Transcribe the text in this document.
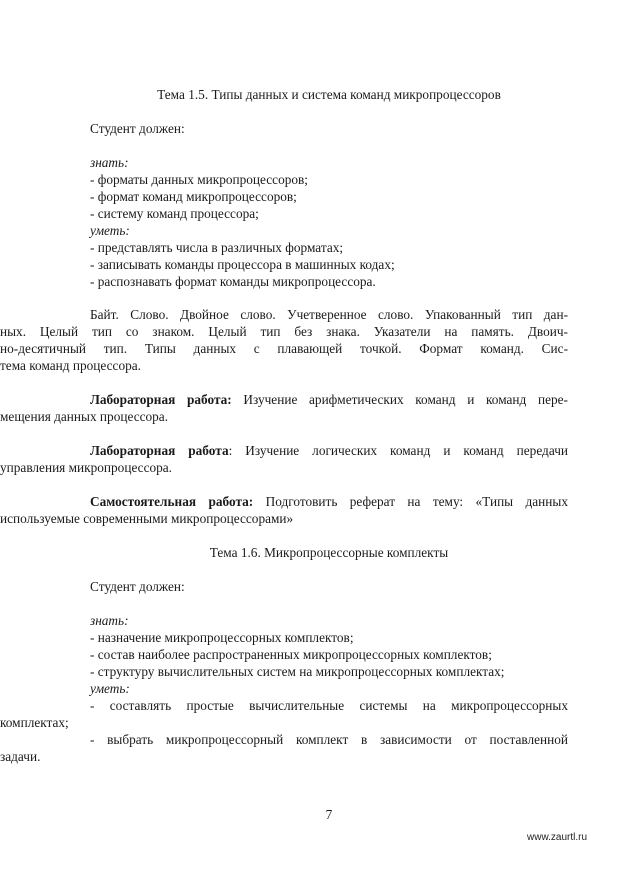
Тема 1.5. Типы данных и система команд микропроцессоров
Студент должен:
знать:
- форматы данных микропроцессоров;
- формат команд микропроцессоров;
- систему команд процессора;
уметь:
- представлять числа в различных форматах;
- записывать команды процессора в машинных кодах;
- распознавать формат команды микропроцессора.
Байт. Слово. Двойное слово. Учетверенное слово. Упакованный тип дан-
ных. Целый тип со знаком. Целый тип без знака. Указатели на память. Двоич-
но-десятичный тип. Типы данных с плавающей точкой. Формат команд. Сис-
тема команд процессора.
Лабораторная работа: Изучение арифметических команд и команд пере-
мещения данных процессора.
Лабораторная работа: Изучение логических команд и команд передачи
управления микропроцессора.
Самостоятельная работа: Подготовить реферат на тему: «Типы данных
используемые современными микропроцессорами»
Тема 1.6. Микропроцессорные комплекты
Студент должен:
знать:
- назначение микропроцессорных комплектов;
- состав наиболее распространенных микропроцессорных комплектов;
- структуру вычислительных систем на микропроцессорных комплектах;
уметь:
- составлять простые вычислительные системы на микропроцессорных
комплектах;
- выбрать микропроцессорный комплект в зависимости от поставленной
задачи.
7
www.zaurtl.ru
